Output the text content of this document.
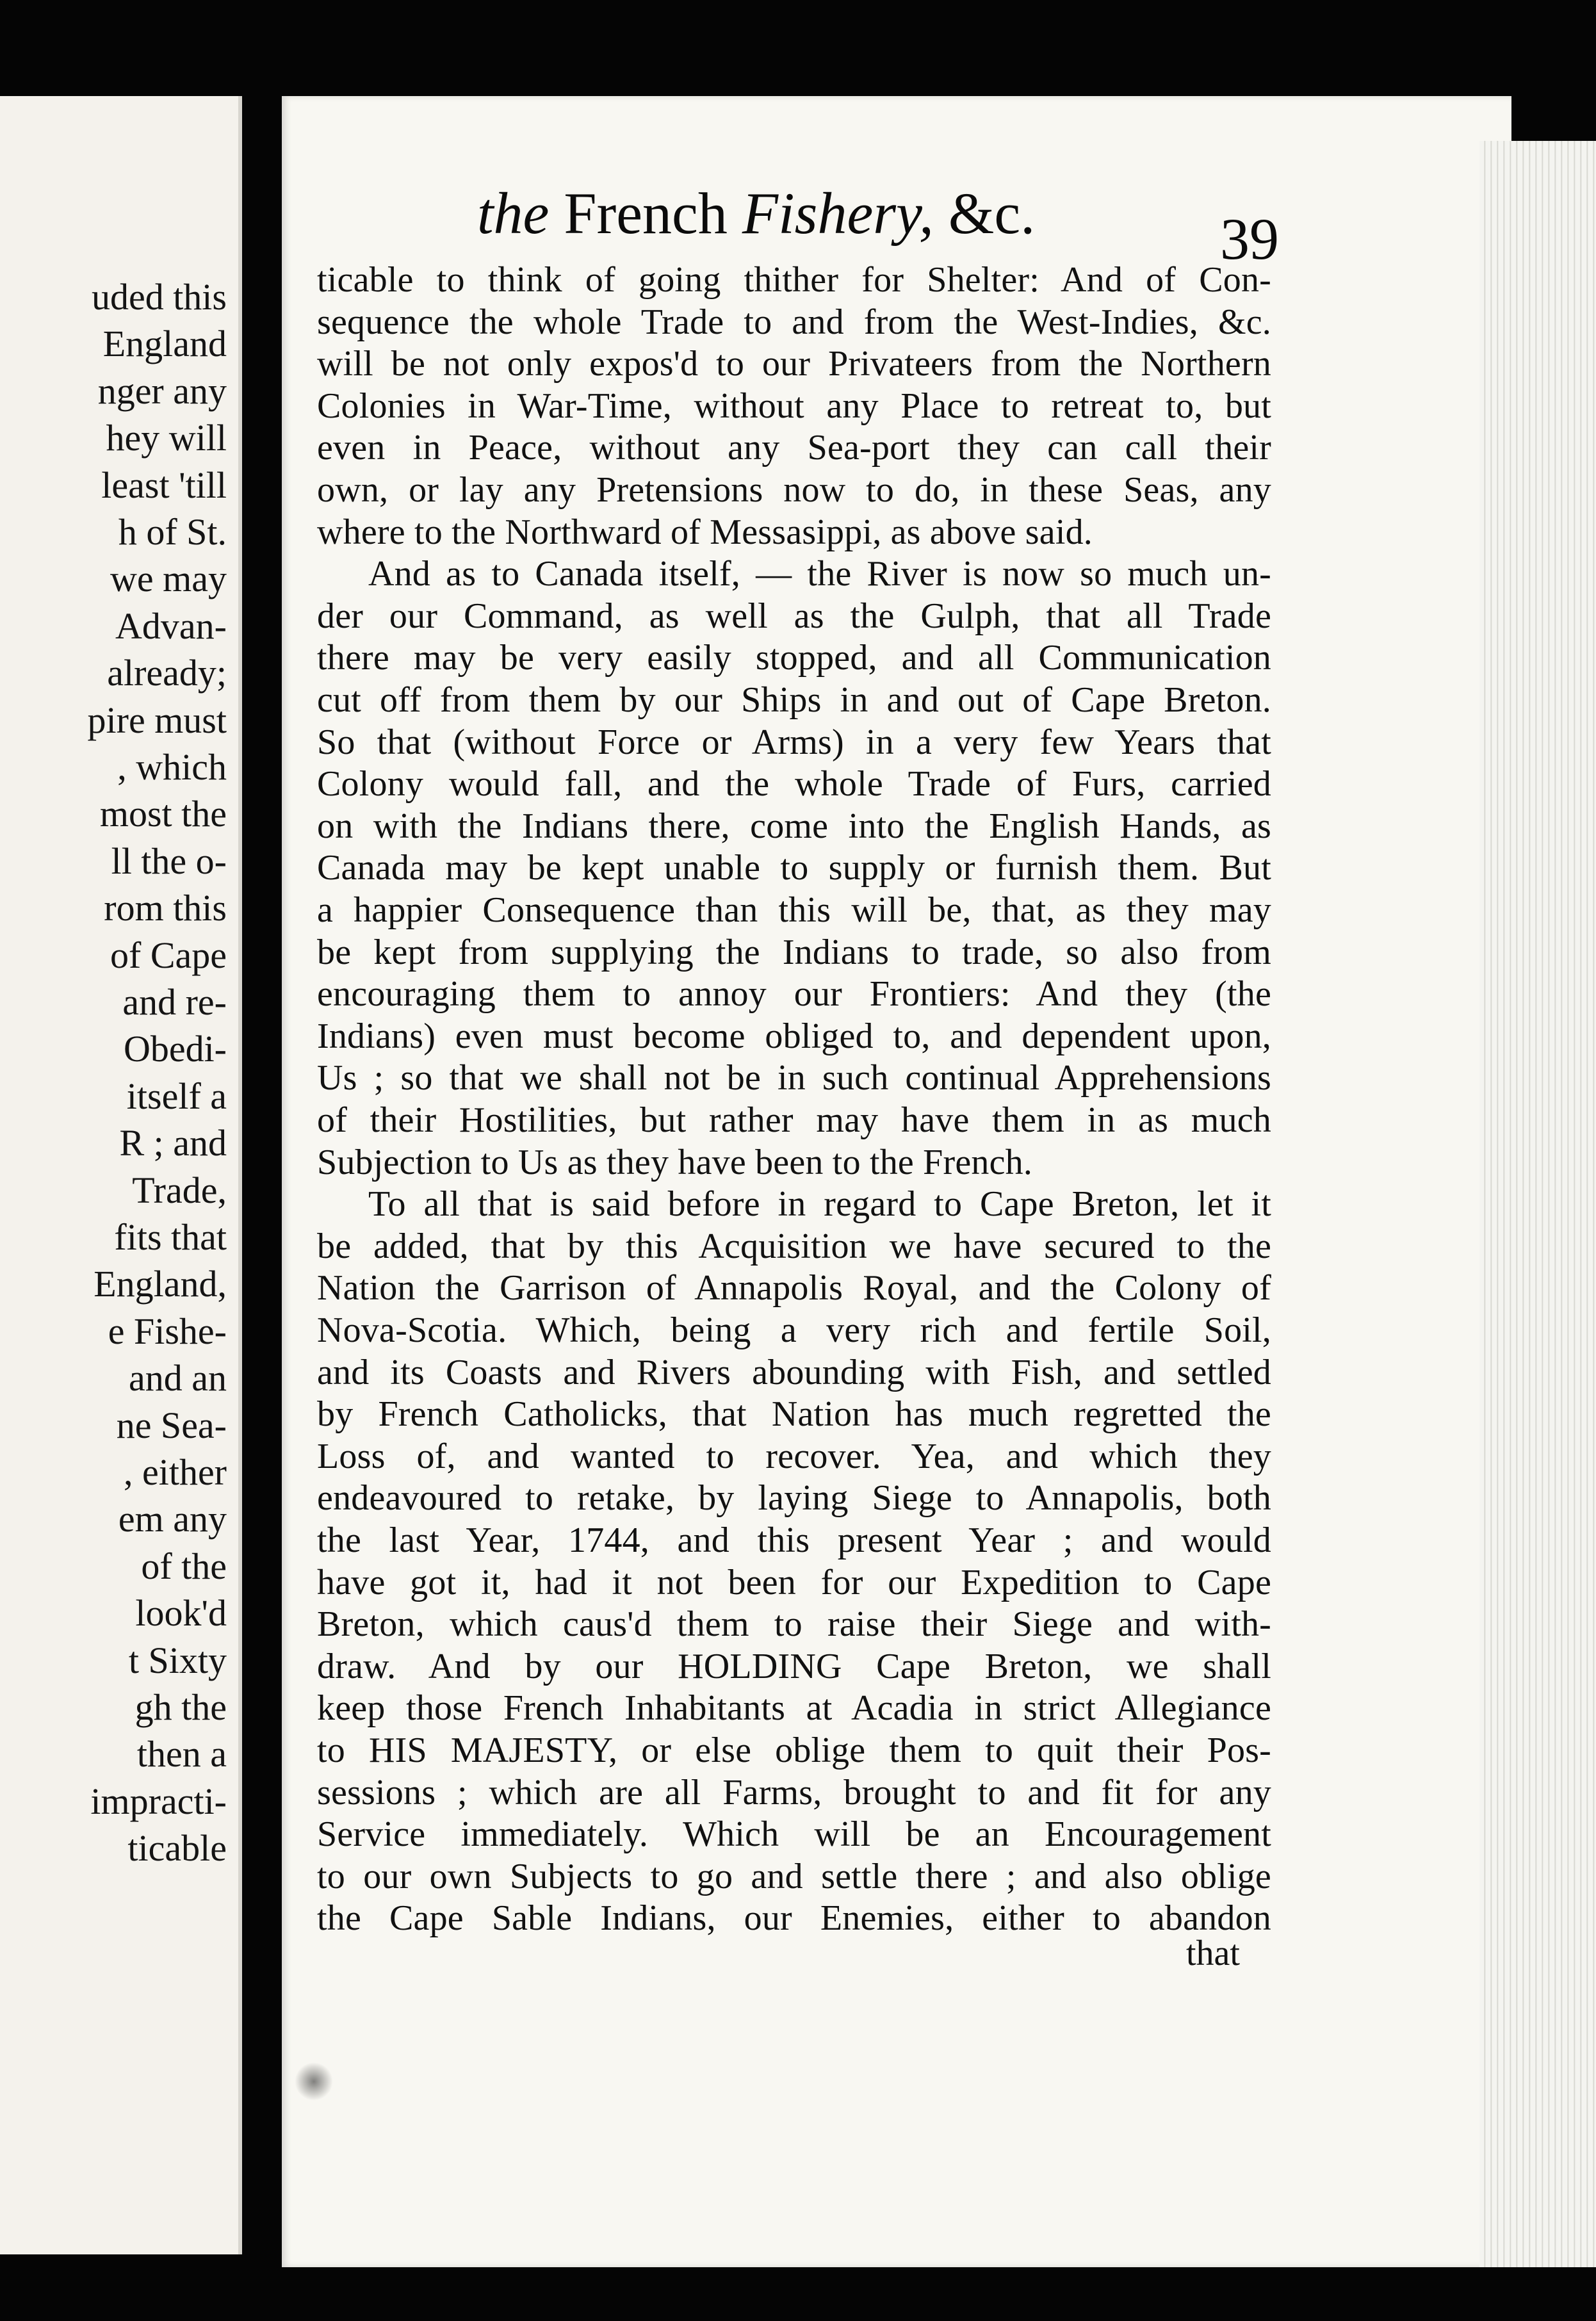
uded this
England
nger any
hey will
least 'till
h of St.
we may
Advan-
already;
pire must
, which
most the
ll the o-
rom this
of Cape
and re-
Obedi-
itself a
R ; and
Trade,
fits that
England,
e Fishe-
and an
ne Sea-
, either
em any
of the
look'd
t Sixty
gh the
then a
impracti-
ticable
the French Fishery, &c.	39
ticable to think of going thither for Shelter: And of Con-
sequence the whole Trade to and from the West-Indies, &c.
will be not only expos'd to our Privateers from the Northern
Colonies in War-Time, without any Place to retreat to, but
even in Peace, without any Sea-port they can call their
own, or lay any Pretensions now to do, in these Seas, any
where to the Northward of Messasippi, as above said.
And as to Canada itself, — the River is now so much un-
der our Command, as well as the Gulph, that all Trade
there may be very easily stopped, and all Communication
cut off from them by our Ships in and out of Cape Breton.
So that (without Force or Arms) in a very few Years that
Colony would fall, and the whole Trade of Furs, carried
on with the Indians there, come into the English Hands, as
Canada may be kept unable to supply or furnish them. But
a happier Consequence than this will be, that, as they may
be kept from supplying the Indians to trade, so also from
encouraging them to annoy our Frontiers: And they (the
Indians) even must become obliged to, and dependent upon,
Us ; so that we shall not be in such continual Apprehensions
of their Hostilities, but rather may have them in as much
Subjection to Us as they have been to the French.
To all that is said before in regard to Cape Breton, let it
be added, that by this Acquisition we have secured to the
Nation the Garrison of Annapolis Royal, and the Colony of
Nova-Scotia. Which, being a very rich and fertile Soil,
and its Coasts and Rivers abounding with Fish, and settled
by French Catholicks, that Nation has much regretted the
Loss of, and wanted to recover. Yea, and which they
endeavoured to retake, by laying Siege to Annapolis, both
the last Year, 1744, and this present Year ; and would
have got it, had it not been for our Expedition to Cape
Breton, which caus'd them to raise their Siege and with-
draw. And by our HOLDING Cape Breton, we shall
keep those French Inhabitants at Acadia in strict Allegiance
to HIS MAJESTY, or else oblige them to quit their Pos-
sessions ; which are all Farms, brought to and fit for any
Service immediately. Which will be an Encouragement
to our own Subjects to go and settle there ; and also oblige
the Cape Sable Indians, our Enemies, either to abandon
that
